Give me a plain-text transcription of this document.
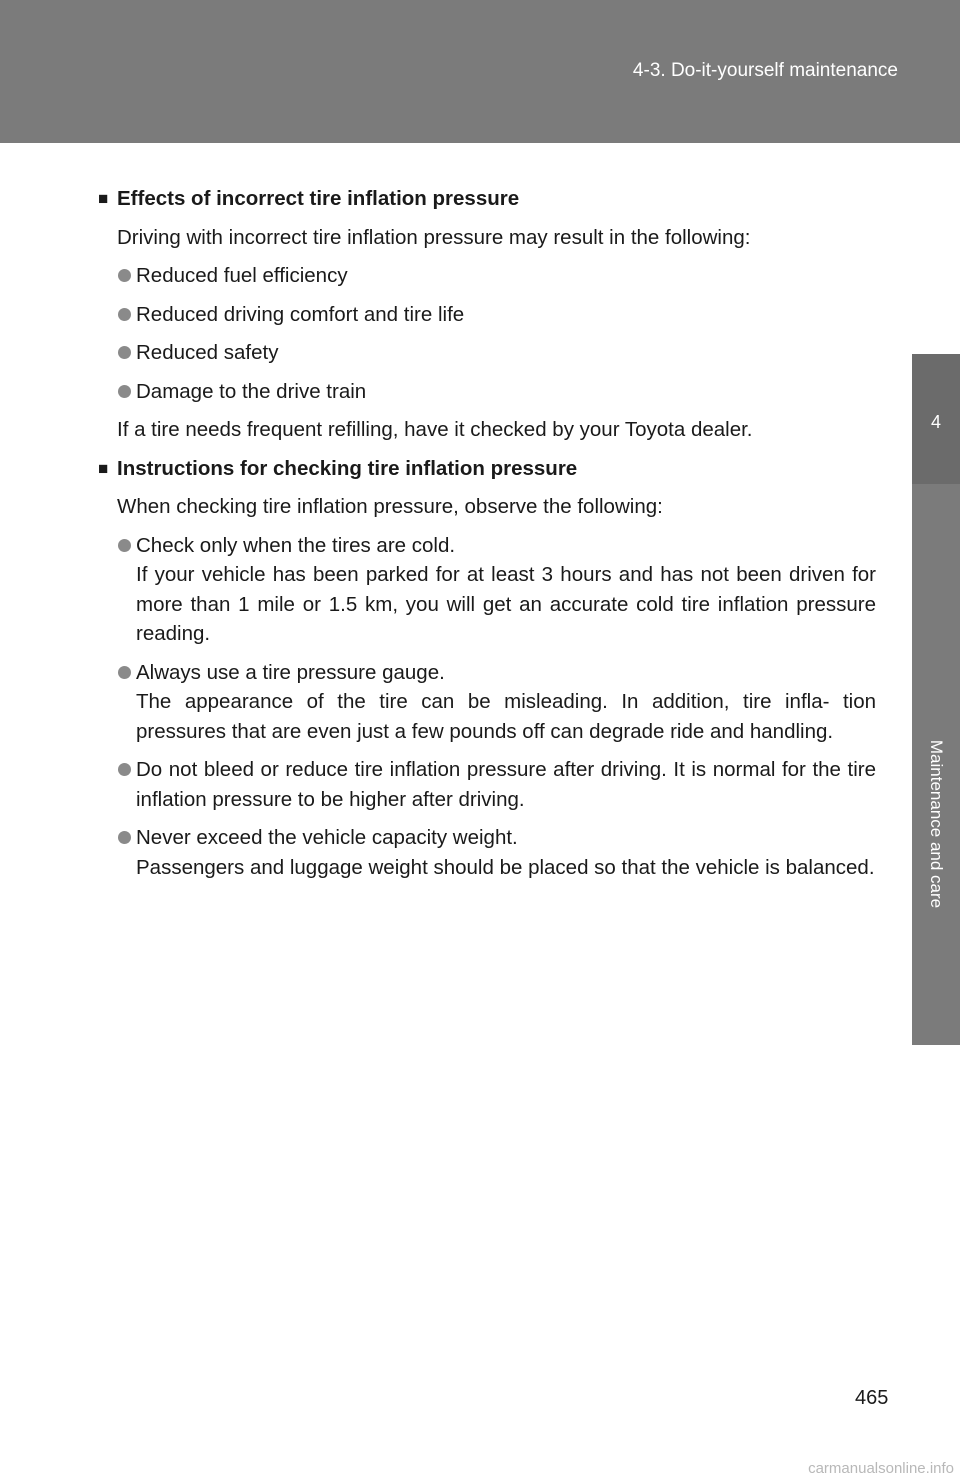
4-3. Do-it-yourself maintenance
4
Maintenance and care
■ Effects of incorrect tire inflation pressure
Driving with incorrect tire inflation pressure may result in the following:
Reduced fuel efficiency
Reduced driving comfort and tire life
Reduced safety
Damage to the drive train
If a tire needs frequent refilling, have it checked by your Toyota dealer.
■ Instructions for checking tire inflation pressure
When checking tire inflation pressure, observe the following:
Check only when the tires are cold.
If your vehicle has been parked for at least 3 hours and has not been driven for more than 1 mile or 1.5 km, you will get an accurate cold tire inflation pressure reading.
Always use a tire pressure gauge.
The appearance of the tire can be misleading. In addition, tire infla- tion pressures that are even just a few pounds off can degrade ride and handling.
Do not bleed or reduce tire inflation pressure after driving. It is normal for the tire inflation pressure to be higher after driving.
Never exceed the vehicle capacity weight.
Passengers and luggage weight should be placed so that the vehicle is balanced.
465
carmanualsonline.info
